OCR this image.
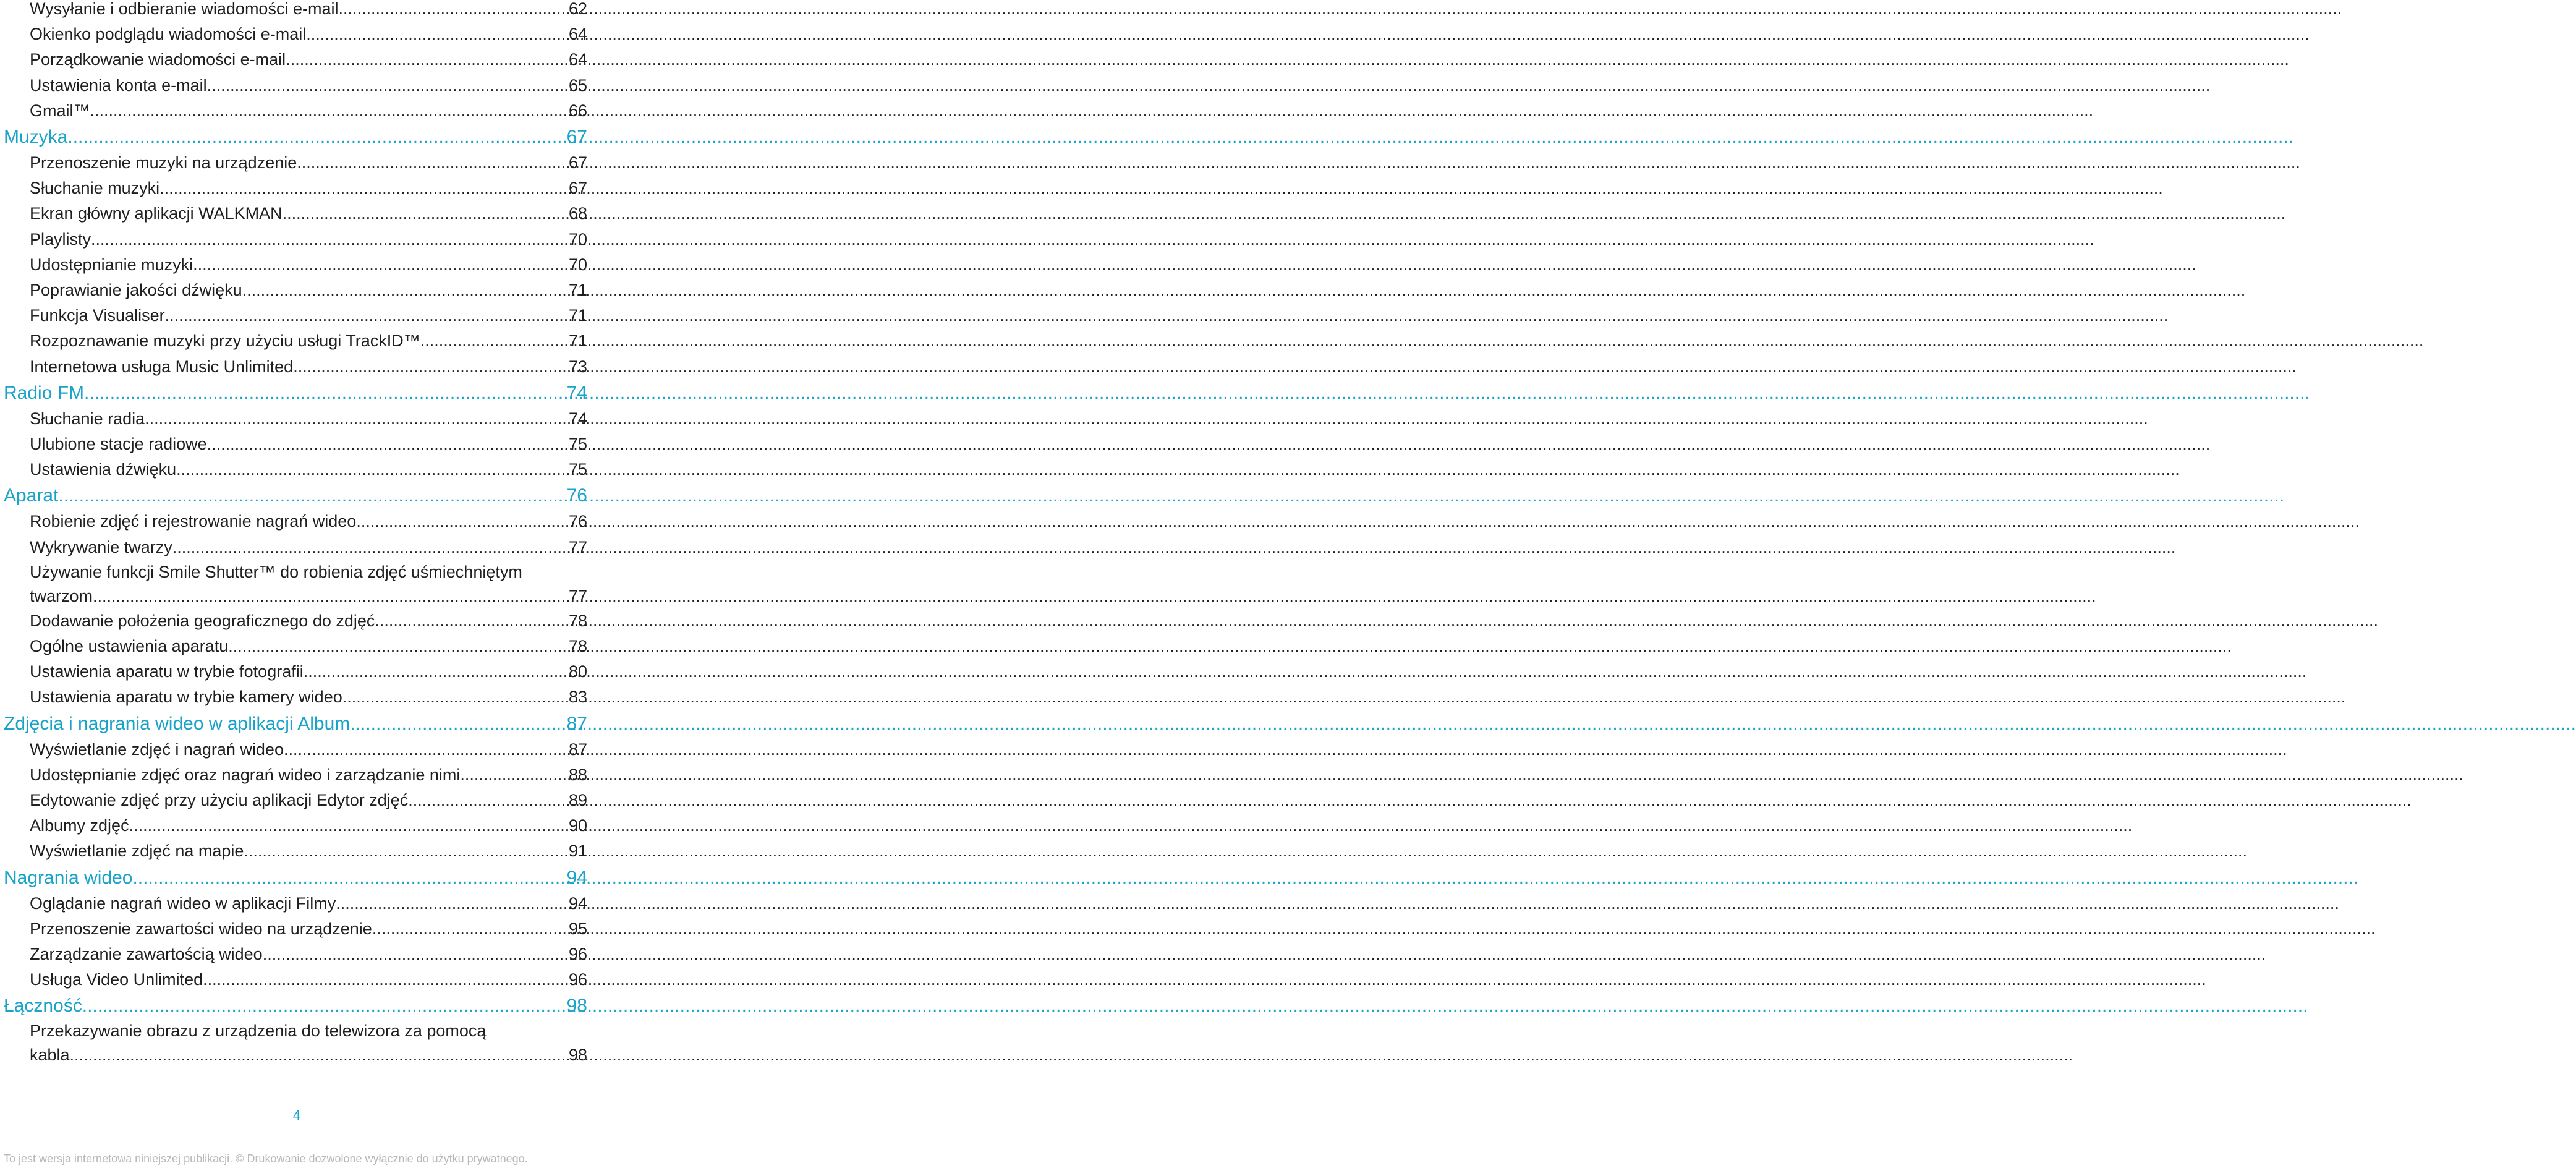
Wysyłanie i odbieranie wiadomości e-mail .....	62
Okienko podglądu wiadomości e-mail .....	64
Porządkowanie wiadomości e-mail .....	64
Ustawienia konta e-mail .....	65
Gmail™ .....	66
Muzyka .....	67
Przenoszenie muzyki na urządzenie .....	67
Słuchanie muzyki .....	67
Ekran główny aplikacji WALKMAN .....	68
Playlisty .....	70
Udostępnianie muzyki .....	70
Poprawianie jakości dźwięku .....	71
Funkcja Visualiser .....	71
Rozpoznawanie muzyki przy użyciu usługi TrackID™ .....	71
Internetowa usługa Music Unlimited .....	73
Radio FM .....	74
Słuchanie radia .....	74
Ulubione stacje radiowe .....	75
Ustawienia dźwięku .....	75
Aparat .....	76
Robienie zdjęć i rejestrowanie nagrań wideo .....	76
Wykrywanie twarzy .....	77
Używanie funkcji Smile Shutter™ do robienia zdjęć uśmiechniętym
twarzom .....	77
Dodawanie położenia geograficznego do zdjęć .....	78
Ogólne ustawienia aparatu .....	78
Ustawienia aparatu w trybie fotografii .....	80
Ustawienia aparatu w trybie kamery wideo .....	83
Zdjęcia i nagrania wideo w aplikacji Album .....	87
Wyświetlanie zdjęć i nagrań wideo .....	87
Udostępnianie zdjęć oraz nagrań wideo i zarządzanie nimi .....	88
Edytowanie zdjęć przy użyciu aplikacji Edytor zdjęć .....	89
Albumy zdjęć .....	90
Wyświetlanie zdjęć na mapie .....	91
Nagrania wideo .....	94
Oglądanie nagrań wideo w aplikacji Filmy .....	94
Przenoszenie zawartości wideo na urządzenie .....	95
Zarządzanie zawartością wideo .....	96
Usługa Video Unlimited .....	96
Łączność .....	98
Przekazywanie obrazu z urządzenia do telewizora za pomocą
kabla .....	98
4
To jest wersja internetowa niniejszej publikacji. © Drukowanie dozwolone wyłącznie do użytku prywatnego.
